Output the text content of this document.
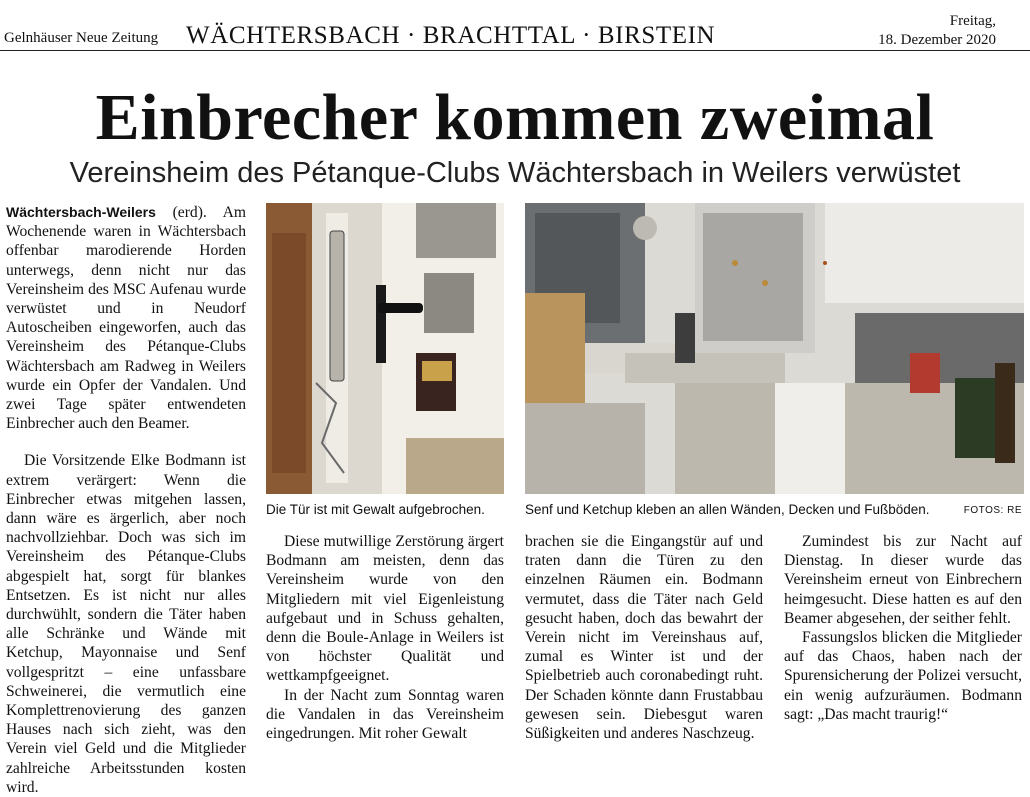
Gelnhäuser Neue Zeitung WÄCHTERSBACH · BRACHTTAL · BIRSTEIN
Freitag,
18. Dezember 2020
Einbrecher kommen zweimal
Vereinsheim des Pétanque-Clubs Wächtersbach in Weilers verwüstet

Wächtersbach-Weilers (erd). Am Wochenende waren in Wächtersbach offenbar marodierende Horden unterwegs, denn nicht nur das Vereinsheim des MSC Aufenau wurde verwüstet und in Neudorf Autoscheiben eingeworfen, auch das Vereinsheim des Pétanque-Clubs Wächtersbach am Radweg in Weilers wurde ein Opfer der Vandalen. Und zwei Tage später entwendeten Einbrecher auch den Beamer.

Die Vorsitzende Elke Bodmann ist extrem verärgert: Wenn die Einbrecher etwas mitgehen lassen, dann wäre es ärgerlich, aber noch nachvollziehbar. Doch was sich im Vereinsheim des Pétanque-Clubs abgespielt hat, sorgt für blankes Entsetzen. Es ist nicht nur alles durchwühlt, sondern die Täter haben alle Schränke und Wände mit Ketchup, Mayonnaise und Senf vollgespritzt – eine unfassbare Schweinerei, die vermutlich eine Komplettrenovierung des ganzen Hauses nach sich zieht, was den Verein viel Geld und die Mitglieder zahlreiche Arbeitsstunden kosten wird.

Die Tür ist mit Gewalt aufgebrochen.	Senf und Ketchup kleben an allen Wänden, Decken und Fußböden.	FOTOS: RE

Diese mutwillige Zerstörung ärgert Bodmann am meisten, denn das Vereinsheim wurde von den Mitgliedern mit viel Eigenleistung aufgebaut und in Schuss gehalten, denn die Boule-Anlage in Weilers ist von höchster Qualität und wettkampfgeeignet.

In der Nacht zum Sonntag waren die Vandalen in das Vereinsheim eingedrungen. Mit roher Gewalt

brachen sie die Eingangstür auf und traten dann die Türen zu den einzelnen Räumen ein. Bodmann vermutet, dass die Täter nach Geld gesucht haben, doch das bewahrt der Verein nicht im Vereinshaus auf, zumal es Winter ist und der Spielbetrieb auch coronabedingt ruht. Der Schaden könnte dann Frustabbau gewesen sein. Diebesgut waren Süßigkeiten und anderes Naschzeug.

Zumindest bis zur Nacht auf Dienstag. In dieser wurde das Vereinsheim erneut von Einbrechern heimgesucht. Diese hatten es auf den Beamer abgesehen, der seither fehlt.

Fassungslos blicken die Mitglieder auf das Chaos, haben nach der Spurensicherung der Polizei versucht, ein wenig aufzuräumen. Bodmann sagt: „Das macht traurig!“
